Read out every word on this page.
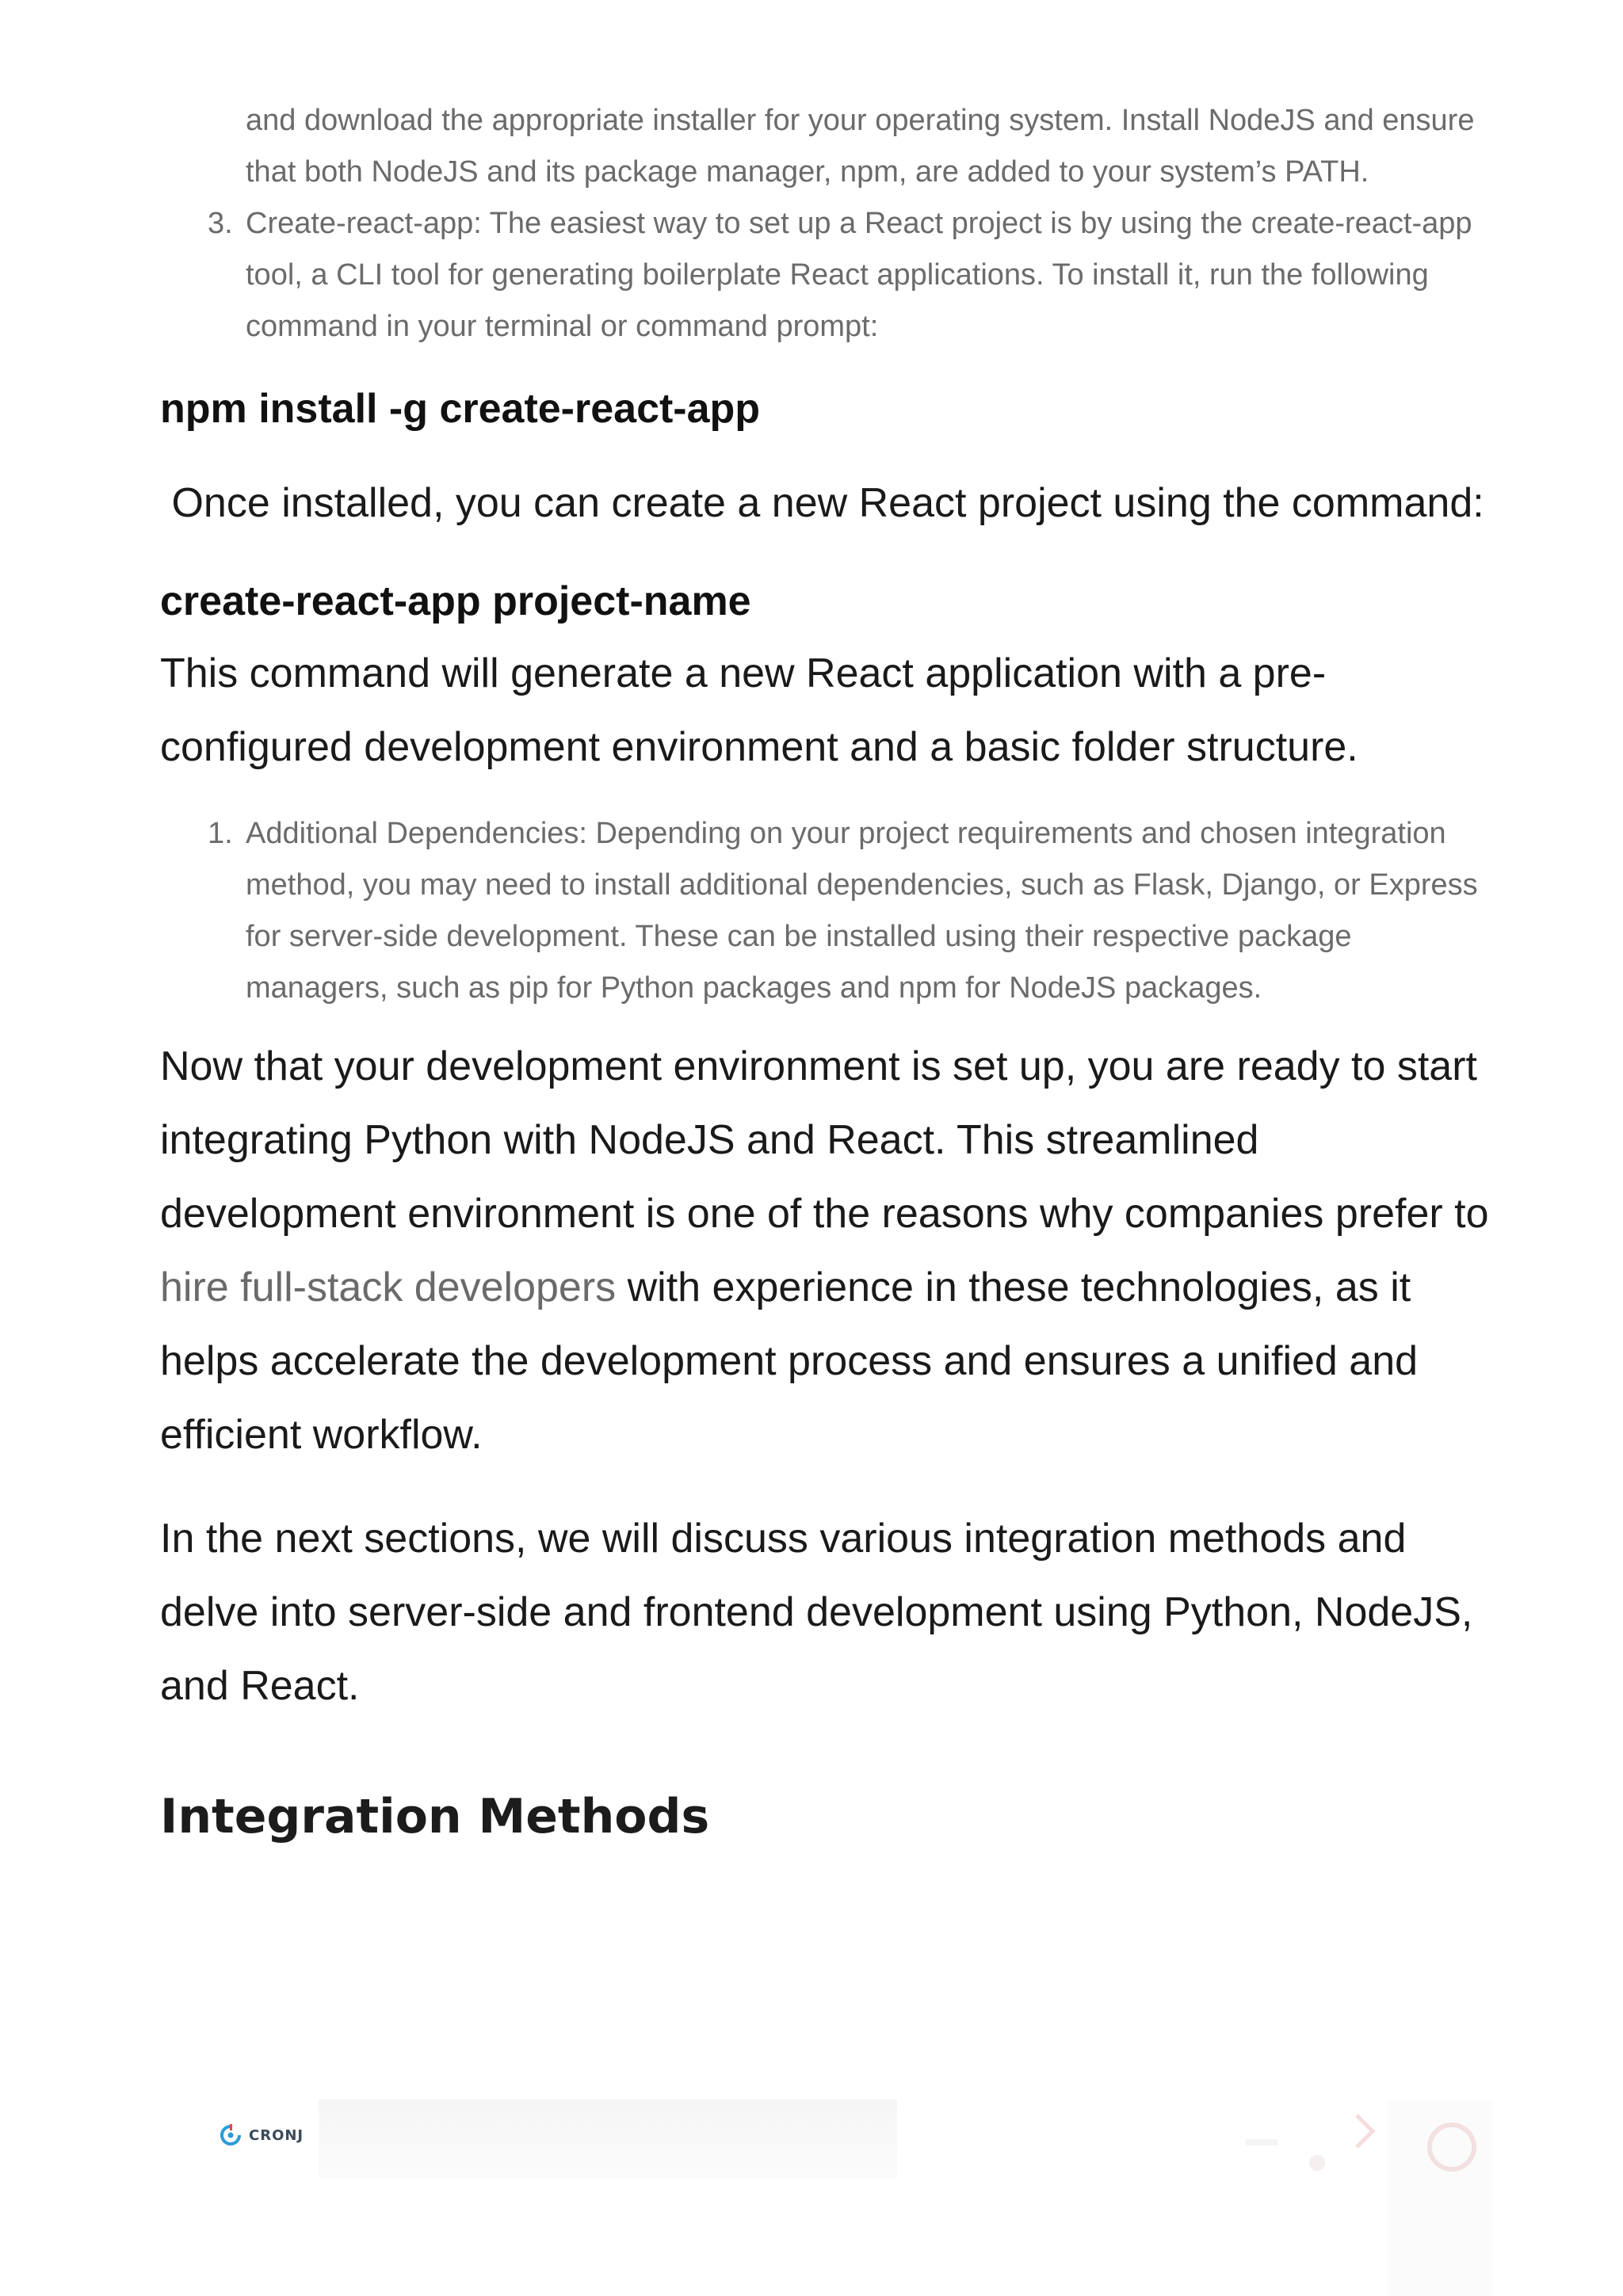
and download the appropriate installer for your operating system. Install NodeJS and ensure that both NodeJS and its package manager, npm, are added to your system’s PATH.
3. Create-react-app: The easiest way to set up a React project is by using the create-react-app tool, a CLI tool for generating boilerplate React applications. To install it, run the following command in your terminal or command prompt:
npm install -g create-react-app

Once installed, you can create a new React project using the command:

create-react-app project-name

This command will generate a new React application with a pre-configured development environment and a basic folder structure.

1. Additional Dependencies: Depending on your project requirements and chosen integration method, you may need to install additional dependencies, such as Flask, Django, or Express for server-side development. These can be installed using their respective package managers, such as pip for Python packages and npm for NodeJS packages.

Now that your development environment is set up, you are ready to start integrating Python with NodeJS and React. This streamlined development environment is one of the reasons why companies prefer to hire full-stack developers with experience in these technologies, as it helps accelerate the development process and ensures a unified and efficient workflow.

In the next sections, we will discuss various integration methods and delve into server-side and frontend development using Python, NodeJS, and React.

Integration Methods
CRONJ
